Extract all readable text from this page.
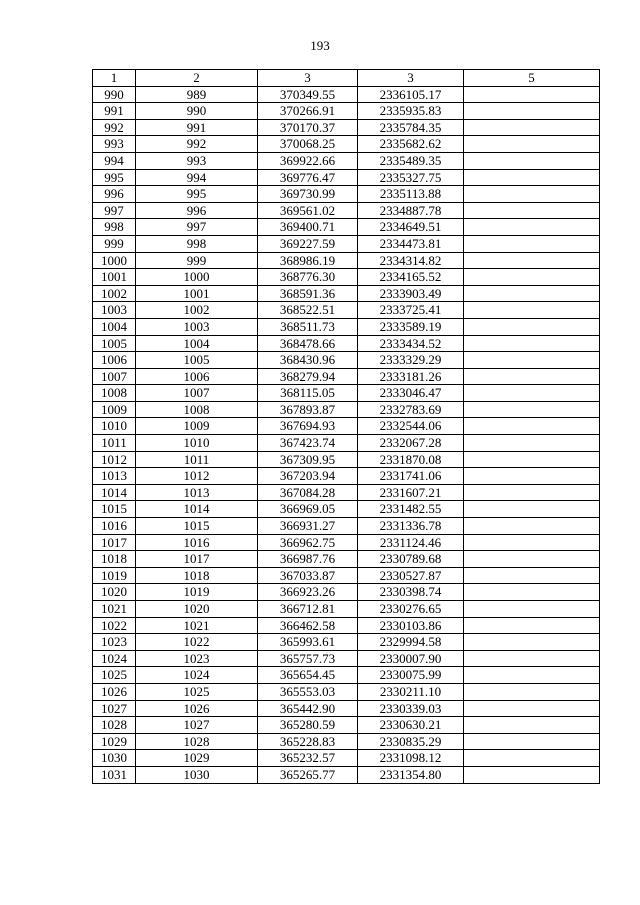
193
1	2	3	3	5
990	989	370349.55	2336105.17	
991	990	370266.91	2335935.83	
992	991	370170.37	2335784.35	
993	992	370068.25	2335682.62	
994	993	369922.66	2335489.35	
995	994	369776.47	2335327.75	
996	995	369730.99	2335113.88	
997	996	369561.02	2334887.78	
998	997	369400.71	2334649.51	
999	998	369227.59	2334473.81	
1000	999	368986.19	2334314.82	
1001	1000	368776.30	2334165.52	
1002	1001	368591.36	2333903.49	
1003	1002	368522.51	2333725.41	
1004	1003	368511.73	2333589.19	
1005	1004	368478.66	2333434.52	
1006	1005	368430.96	2333329.29	
1007	1006	368279.94	2333181.26	
1008	1007	368115.05	2333046.47	
1009	1008	367893.87	2332783.69	
1010	1009	367694.93	2332544.06	
1011	1010	367423.74	2332067.28	
1012	1011	367309.95	2331870.08	
1013	1012	367203.94	2331741.06	
1014	1013	367084.28	2331607.21	
1015	1014	366969.05	2331482.55	
1016	1015	366931.27	2331336.78	
1017	1016	366962.75	2331124.46	
1018	1017	366987.76	2330789.68	
1019	1018	367033.87	2330527.87	
1020	1019	366923.26	2330398.74	
1021	1020	366712.81	2330276.65	
1022	1021	366462.58	2330103.86	
1023	1022	365993.61	2329994.58	
1024	1023	365757.73	2330007.90	
1025	1024	365654.45	2330075.99	
1026	1025	365553.03	2330211.10	
1027	1026	365442.90	2330339.03	
1028	1027	365280.59	2330630.21	
1029	1028	365228.83	2330835.29	
1030	1029	365232.57	2331098.12	
1031	1030	365265.77	2331354.80	
